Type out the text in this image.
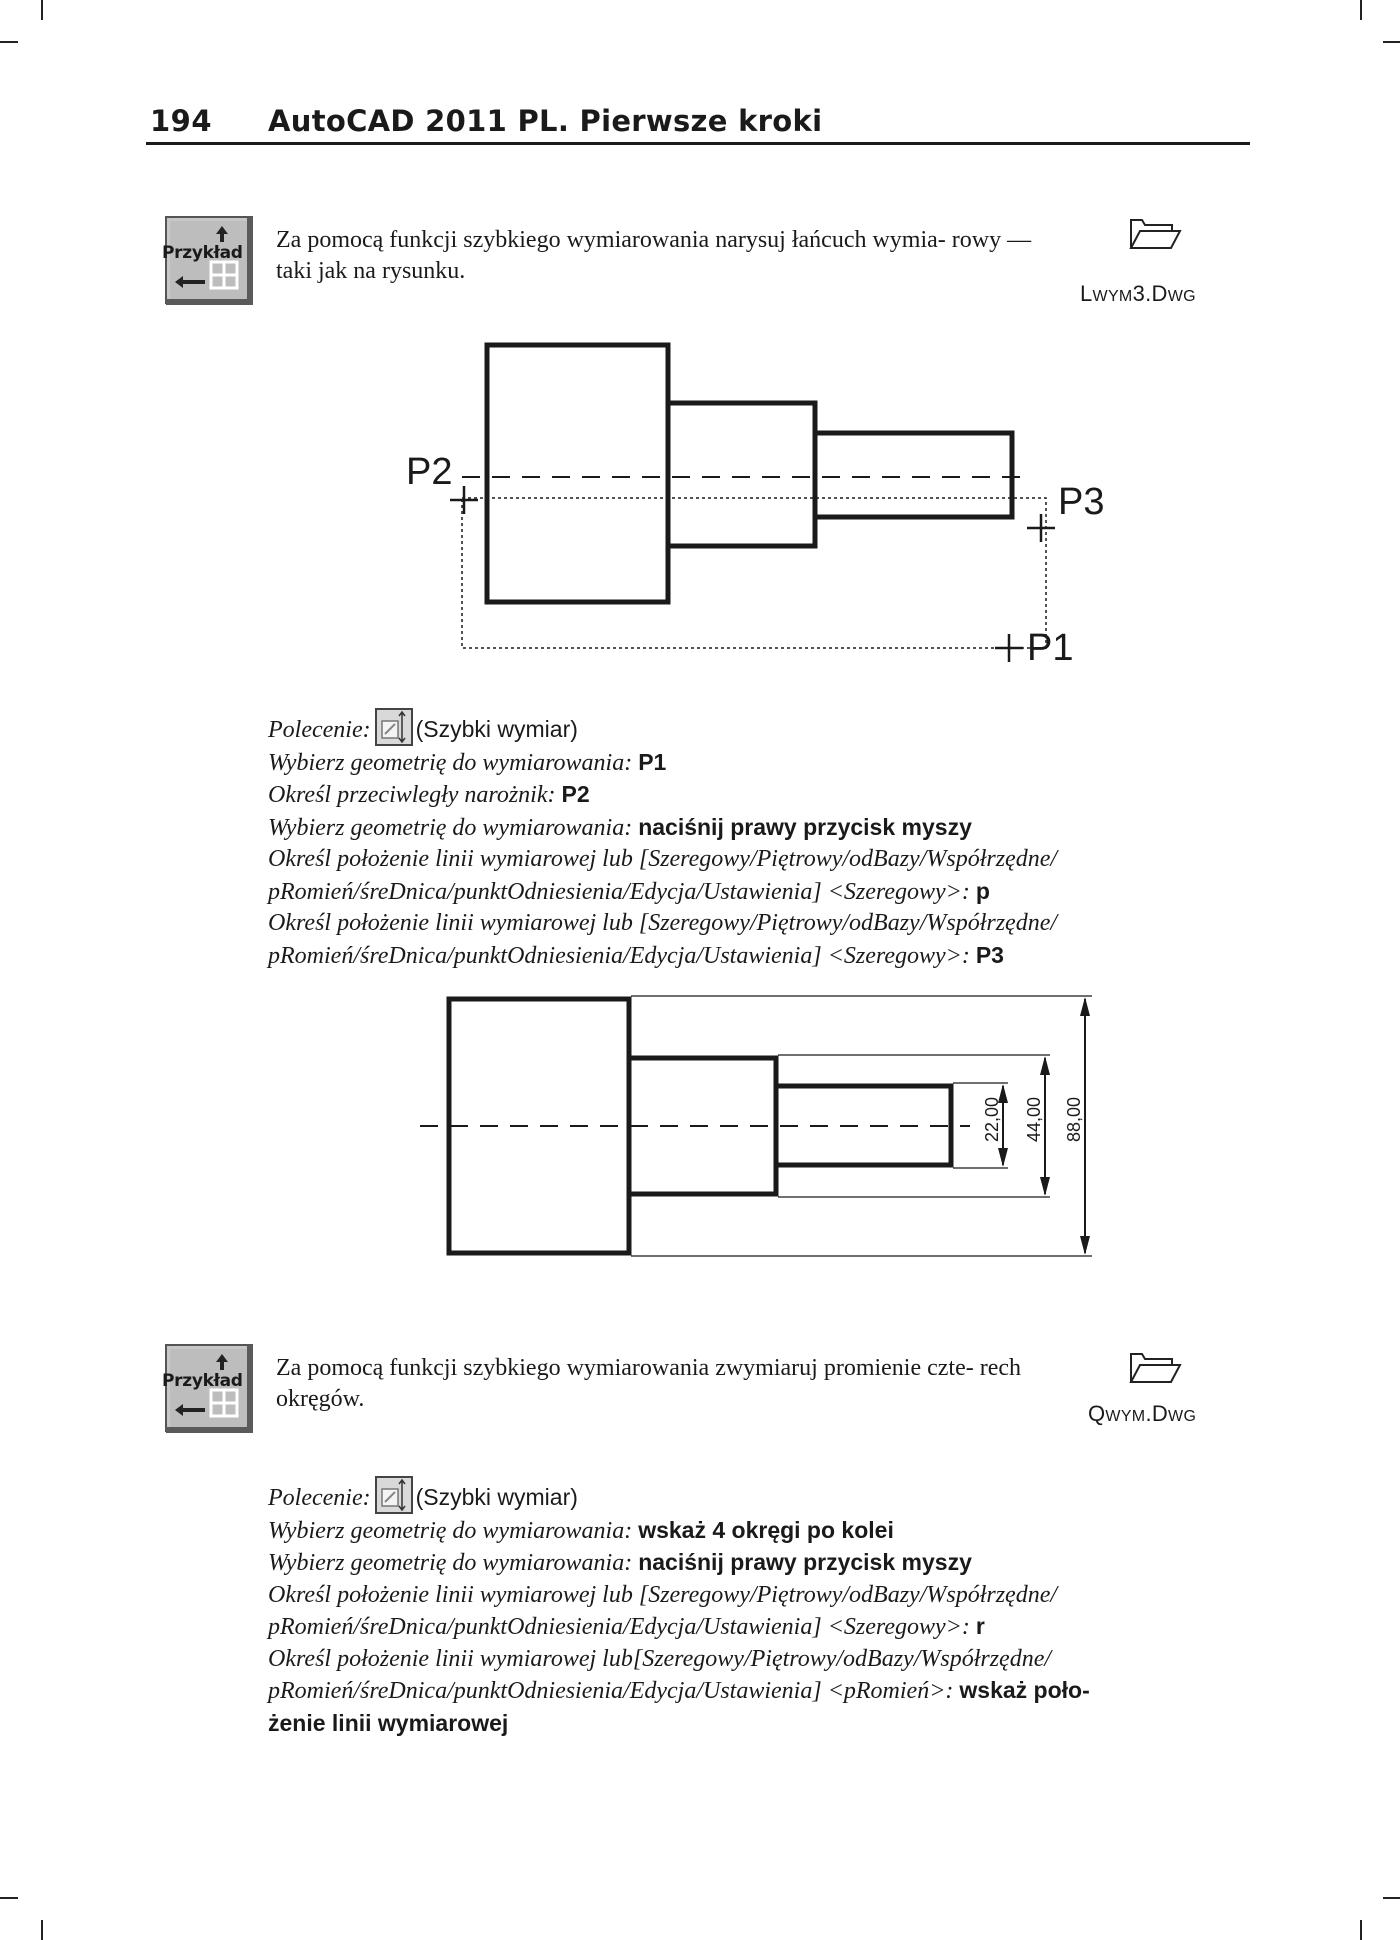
194 AutoCAD 2011 PL. Pierwsze kroki
Przykład Za pomocą funkcji szybkiego wymiarowania narysuj łańcuch wymia- rowy — taki jak na rysunku.
LWYM3.DWG
P2
P3
P1
Polecenie: (Szybki wymiar)
Wybierz geometrię do wymiarowania: P1
Określ przeciwległy narożnik: P2
Wybierz geometrię do wymiarowania: naciśnij prawy przycisk myszy
Określ położenie linii wymiarowej lub [Szeregowy/Piętrowy/odBazy/Współrzędne/
pRomień/śreDnica/punktOdniesienia/Edycja/Ustawienia] <Szeregowy>: p
Określ położenie linii wymiarowej lub [Szeregowy/Piętrowy/odBazy/Współrzędne/
pRomień/śreDnica/punktOdniesienia/Edycja/Ustawienia] <Szeregowy>: P3
22,00 44,00 88,00
Przykład Za pomocą funkcji szybkiego wymiarowania zwymiaruj promienie czte- rech okręgów.
QWYM.DWG
Polecenie: (Szybki wymiar)
Wybierz geometrię do wymiarowania: wskaż 4 okręgi po kolei
Wybierz geometrię do wymiarowania: naciśnij prawy przycisk myszy
Określ położenie linii wymiarowej lub [Szeregowy/Piętrowy/odBazy/Współrzędne/
pRomień/śreDnica/punktOdniesienia/Edycja/Ustawienia] <Szeregowy>: r
Określ położenie linii wymiarowej lub[Szeregowy/Piętrowy/odBazy/Współrzędne/
pRomień/śreDnica/punktOdniesienia/Edycja/Ustawienia] <pRomień>: wskaż poło-
żenie linii wymiarowej
